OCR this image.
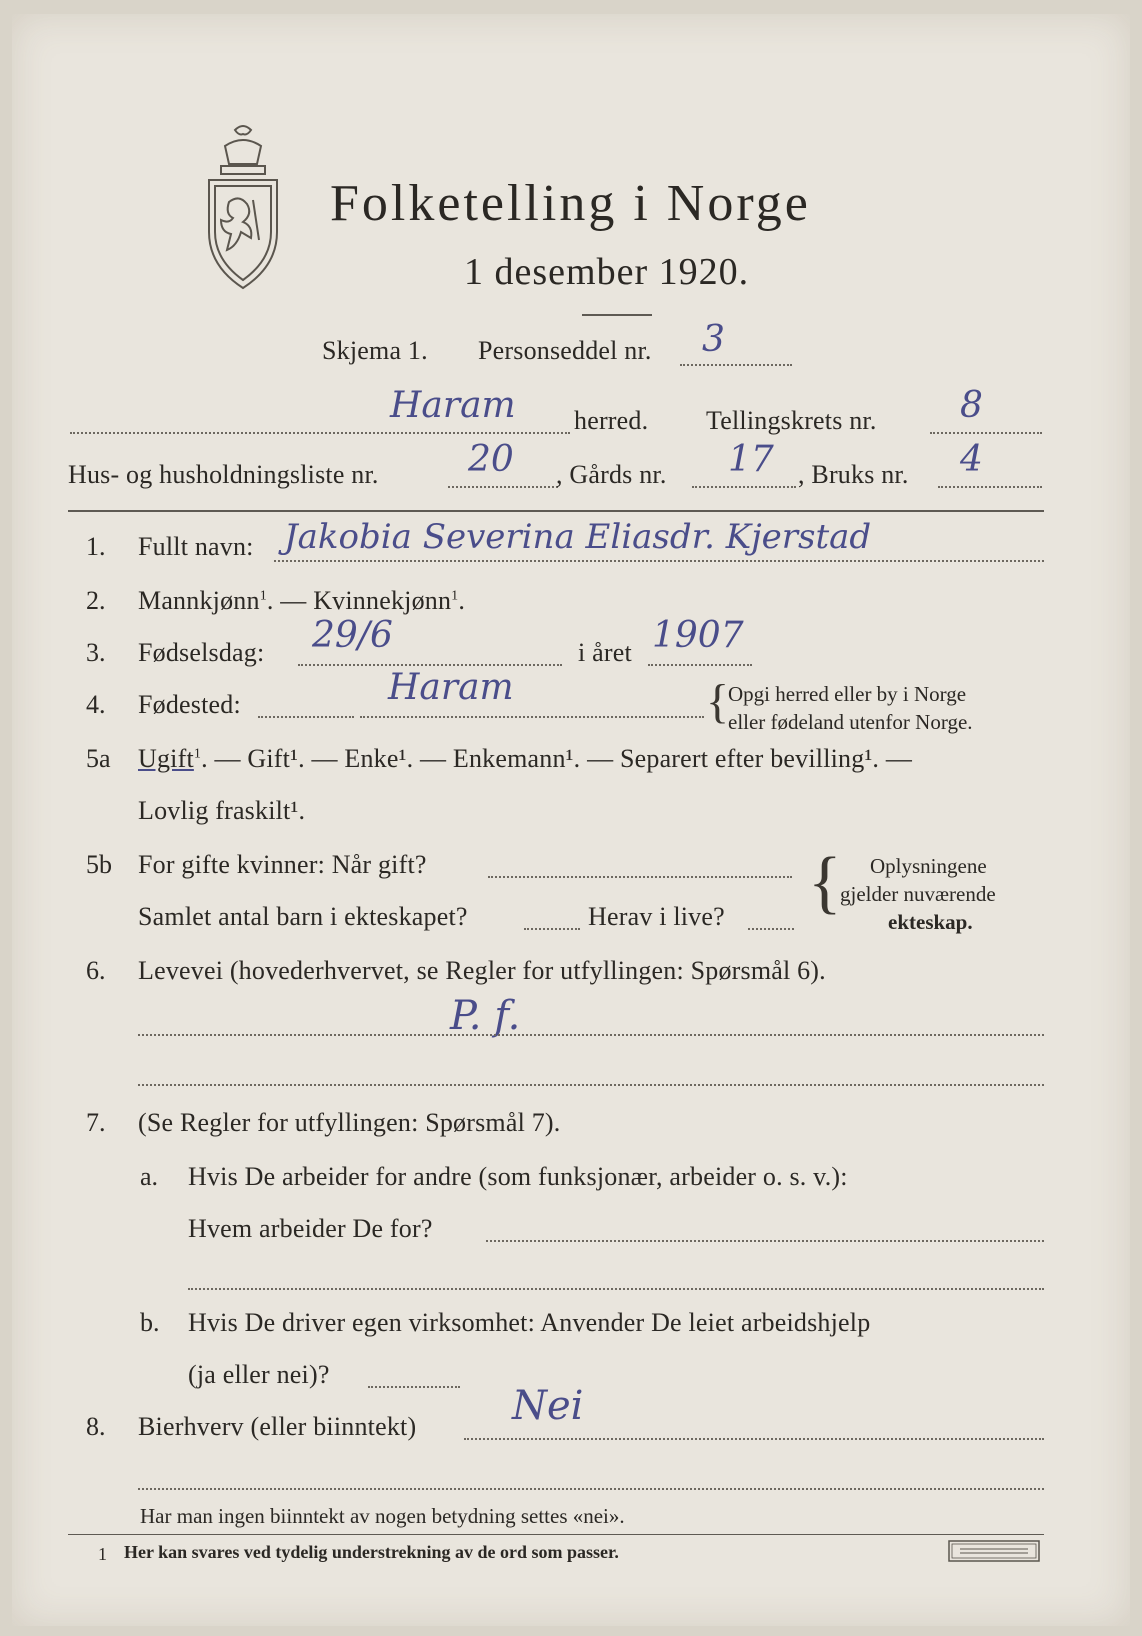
Folketelling i Norge
1 desember 1920.
Skjema 1. Personseddel nr. 3
Haram herred. Tellingskrets nr. 8
Hus- og husholdningsliste nr. 20 , Gårds nr. 17 , Bruks nr. 4
1. Fullt navn: Jakobia Severina Eliasdr. Kjerstad
2. Mannkjønn$^1$. — Kvinnekjønn$^1$.
3. Fødselsdag: 29/6	i året 1907
4. Fødested:	Haram	{
Opgi herred eller by i Norge
eller fødeland utenfor Norge.
5a Ugift$^1$. — Gift¹. — Enke¹. — Enkemann¹. — Separert efter bevilling¹. —
Lovlig fraskilt¹.
5b For gifte kvinner: Når gift?
Samlet antal barn i ekteskapet?	Herav i live? { Oplysningene
gjelder nuværende
ekteskap.
6. Levevei (hovederhvervet, se Regler for utfyllingen: Spørsmål 6).
P. f.
7. (Se Regler for utfyllingen: Spørsmål 7).
a. Hvis De arbeider for andre (som funksjonær, arbeider o. s. v.):
Hvem arbeider De for?
b. Hvis De driver egen virksomhet: Anvender De leiet arbeidshjelp
(ja eller nei)?
8. Bierhverv (eller biinntekt) Nei
Har man ingen biinntekt av nogen betydning settes «nei».
1 Her kan svares ved tydelig understrekning av de ord som passer.
